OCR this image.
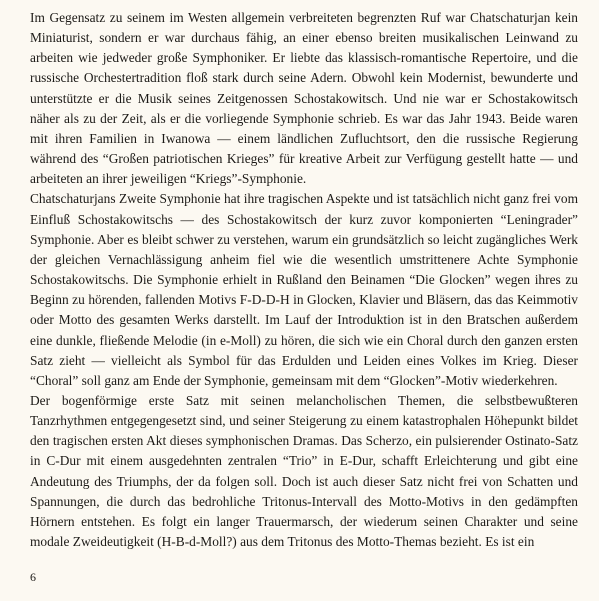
Im Gegensatz zu seinem im Westen allgemein verbreiteten begrenzten Ruf war Chatschaturjan kein Miniaturist, sondern er war durchaus fähig, an einer ebenso breiten musikalischen Leinwand zu arbeiten wie jedweder große Symphoniker. Er liebte das klassisch-romantische Repertoire, und die russische Orchestertradition floß stark durch seine Adern. Obwohl kein Modernist, bewunderte und unterstützte er die Musik seines Zeitgenossen Schostakowitsch. Und nie war er Schostakowitsch näher als zu der Zeit, als er die vorliegende Symphonie schrieb. Es war das Jahr 1943. Beide waren mit ihren Familien in Iwanowa — einem ländlichen Zufluchtsort, den die russische Regierung während des “Großen patriotischen Krieges” für kreative Arbeit zur Verfügung gestellt hatte — und arbeiteten an ihrer jeweiligen “Kriegs”-Symphonie.

Chatschaturjans Zweite Symphonie hat ihre tragischen Aspekte und ist tatsächlich nicht ganz frei vom Einfluß Schostakowitschs — des Schostakowitsch der kurz zuvor komponierten “Leningrader” Symphonie. Aber es bleibt schwer zu verstehen, warum ein grundsätzlich so leicht zugängliches Werk der gleichen Vernachlässigung anheim fiel wie die wesentlich umstrittenere Achte Symphonie Schostakowitschs. Die Symphonie erhielt in Rußland den Beinamen “Die Glocken” wegen ihres zu Beginn zu hörenden, fallenden Motivs F-D-D-H in Glocken, Klavier und Bläsern, das das Keimmotiv oder Motto des gesamten Werks darstellt. Im Lauf der Introduktion ist in den Bratschen außerdem eine dunkle, fließende Melodie (in e-Moll) zu hören, die sich wie ein Choral durch den ganzen ersten Satz zieht — vielleicht als Symbol für das Erdulden und Leiden eines Volkes im Krieg. Dieser “Choral” soll ganz am Ende der Symphonie, gemeinsam mit dem “Glocken”-Motiv wiederkehren.

Der bogenförmige erste Satz mit seinen melancholischen Themen, die selbstbewußteren Tanzrhythmen entgegengesetzt sind, und seiner Steigerung zu einem katastrophalen Höhepunkt bildet den tragischen ersten Akt dieses symphonischen Dramas. Das Scherzo, ein pulsierender Ostinato-Satz in C-Dur mit einem ausgedehnten zentralen “Trio” in E-Dur, schafft Erleichterung und gibt eine Andeutung des Triumphs, der da folgen soll. Doch ist auch dieser Satz nicht frei von Schatten und Spannungen, die durch das bedrohliche Tritonus-Intervall des Motto-Motivs in den gedämpften Hörnern entstehen. Es folgt ein langer Trauermarsch, der wiederum seinen Charakter und seine modale Zweideutigkeit (H-B-d-Moll?) aus dem Tritonus des Motto-Themas bezieht. Es ist ein

6
